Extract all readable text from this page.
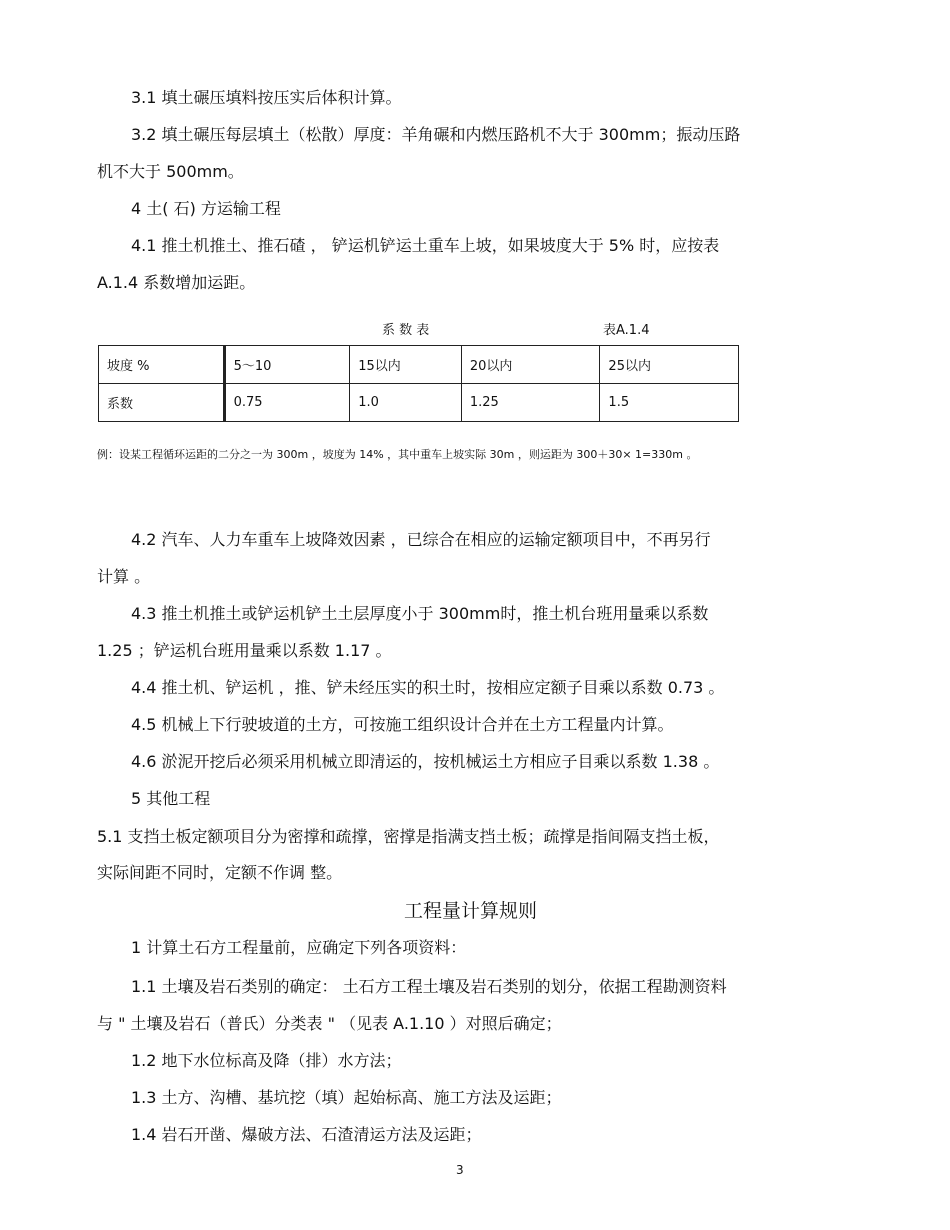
3.1 填土碾压填料按压实后体积计算。
3.2 填土碾压每层填土（松散）厚度：羊角碾和内燃压路机不大于 300mm；振动压路
机不大于 500mm。
4 土( 石) 方运输工程
4.1 推土机推土、推石碴 ， 铲运机铲运土重车上坡，如果坡度大于 5% 时，应按表
A.1.4 系数增加运距。
系 数 表	表A.1.4
坡度 %	5～10	15以内	20以内	25以内
系数	0.75	1.0	1.25	1.5
例：设某工程循环运距的二分之一为 300m ，坡度为 14% ，其中重车上坡实际 30m ，则运距为 300＋30× 1=330m 。
4.2 汽车、人力车重车上坡降效因素 ，已综合在相应的运输定额项目中，不再另行
计算 。
4.3 推土机推土或铲运机铲土土层厚度小于 300mm时，推土机台班用量乘以系数
1.25 ；铲运机台班用量乘以系数 1.17 。
4.4 推土机、铲运机 ，推、铲未经压实的积土时，按相应定额子目乘以系数 0.73 。
4.5 机械上下行驶坡道的土方，可按施工组织设计合并在土方工程量内计算。
4.6 淤泥开挖后必须采用机械立即清运的，按机械运土方相应子目乘以系数 1.38 。
5 其他工程
5.1 支挡土板定额项目分为密撑和疏撑，密撑是指满支挡土板；疏撑是指间隔支挡土板，
实际间距不同时，定额不作调 整。
工程量计算规则
1 计算土石方工程量前，应确定下列各项资料：
1.1 土壤及岩石类别的确定： 土石方工程土壤及岩石类别的划分，依据工程勘测资料
与 " 土壤及岩石（普氏）分类表 " （见表 A.1.10 ）对照后确定；
1.2 地下水位标高及降（排）水方法；
1.3 土方、沟槽、基坑挖（填）起始标高、施工方法及运距；
1.4 岩石开凿、爆破方法、石渣清运方法及运距；
3
